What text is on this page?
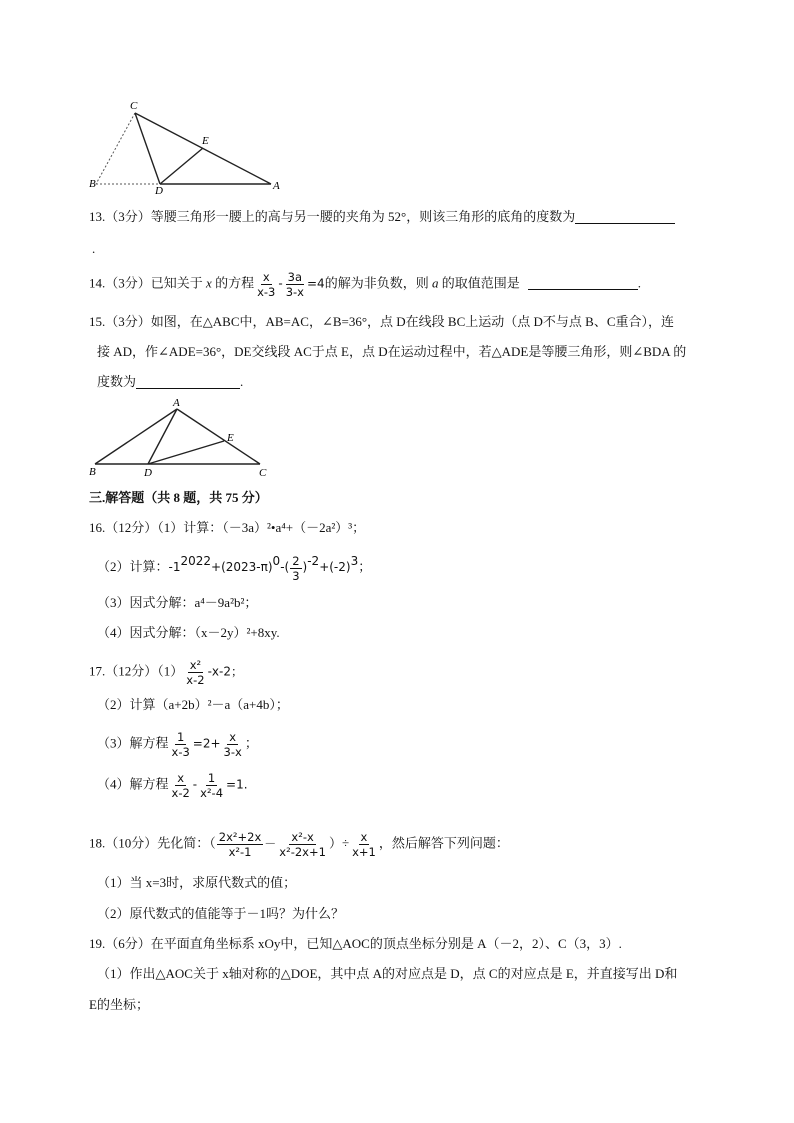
C
E
B
D	A
13.（3分）等腰三角形一腰上的高与另一腰的夹角为 52°，则该三角形的底角的度数为
.
14.（3分）已知关于 x 的方程 $\frac{x}{x-3} - \frac{3a}{3-x} =4$的解为非负数，则 a 的取值范围是	.
15.（3分）如图，在△ABC中，AB=AC，∠B=36°，点 D在线段 BC上运动（点 D不与点 B、C重合），连
接 AD，作∠ADE=36°，DE交线段 AC于点 E，点 D在运动过程中，若△ADE是等腰三角形，则∠BDA 的
度数为	.
A
E
B	D	C
三.解答题（共 8 题，共 75 分）
16.（12分）（1）计算：（－3a）²•a⁴+（－2a²）³；
（2）计算：$-12022+(2023-\pi)0-( \frac{2}{3} )-2+(-2)3$；
（3）因式分解：a⁴－9a²b²；
（4）因式分解：（x－2y）²+8xy.
17.（12分）$(1) \frac{\text{x²}}{x-2} -x-2$；
（2）计算（a+2b）²－a（a+4b）；
（3）解方程 $\frac{1}{x-3} =2+ \frac{x}{3-x}$ ；
（4）解方程 $\frac{x}{x-2} - \frac{1}{\text{x²-4}} =1$.
18.（10分）先化简：（ $\frac{\text{2x²+2x}}{\text{x²-1}} - \frac{\text{x²-x}}{\text{x²-2x+1}}$ ）÷ $\frac{x}{x+1}$ ，然后解答下列问题：
（1）当 x=3时，求原代数式的值；
（2）原代数式的值能等于－1吗？为什么？
19.（6分）在平面直角坐标系 xOy中，已知△AOC的顶点坐标分别是 A（－2，2）、C（3，3）.
（1）作出△AOC关于 x轴对称的△DOE，其中点 A的对应点是 D，点 C的对应点是 E，并直接写出 D和
E的坐标；
